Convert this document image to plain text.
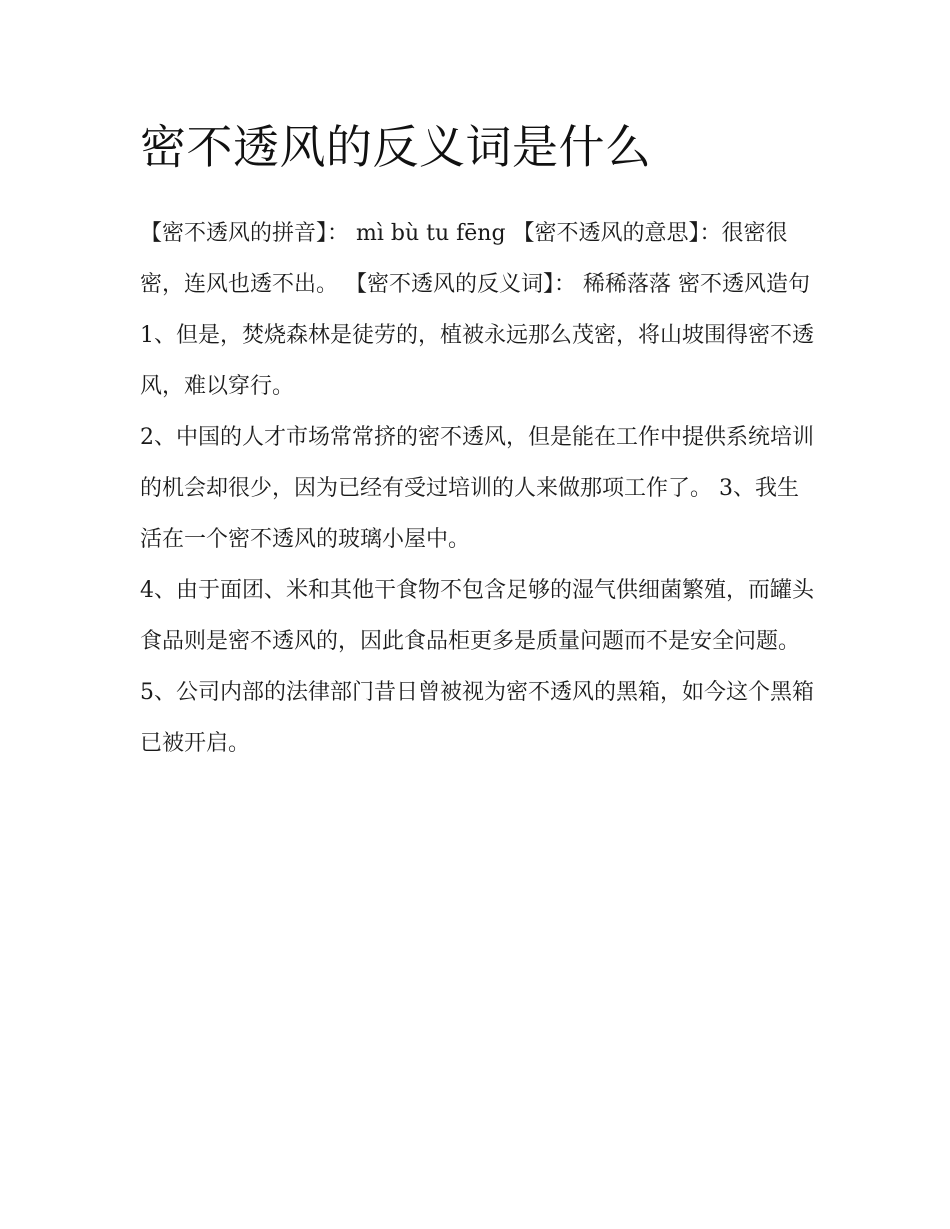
密不透风的反义词是什么

【密不透风的拼音】： mì bù tu fēng 【密不透风的意思】：很密很密，连风也透不出。 【密不透风的反义词】： 稀稀落落 密不透风造句

1、但是，焚烧森林是徒劳的，植被永远那么茂密，将山坡围得密不透风，难以穿行。

2、中国的人才市场常常挤的密不透风，但是能在工作中提供系统培训的机会却很少，因为已经有受过培训的人来做那项工作了。 3、我生活在一个密不透风的玻璃小屋中。

4、由于面团、米和其他干食物不包含足够的湿气供细菌繁殖，而罐头食品则是密不透风的，因此食品柜更多是质量问题而不是安全问题。

5、公司内部的法律部门昔日曾被视为密不透风的黑箱，如今这个黑箱已被开启。
